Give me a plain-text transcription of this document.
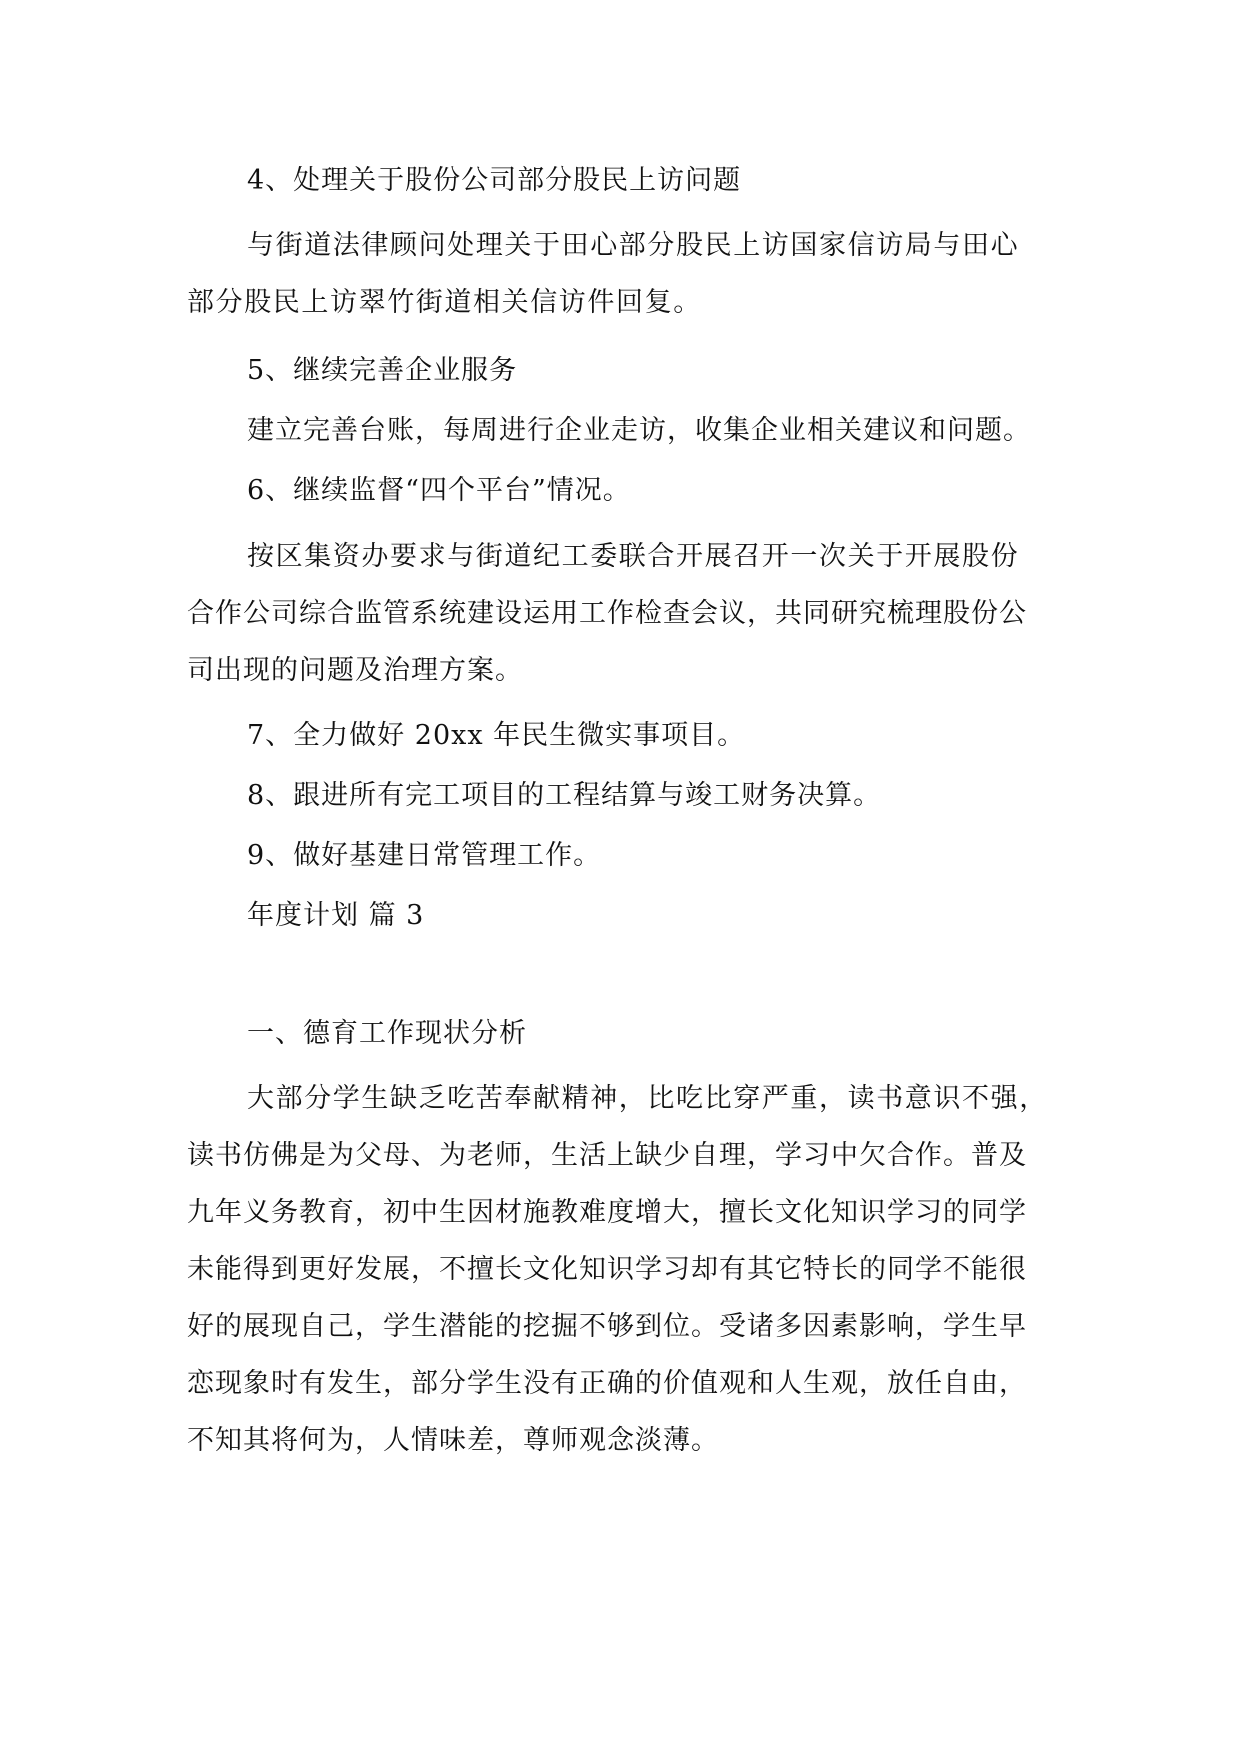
4、处理关于股份公司部分股民上访问题
与街道法律顾问处理关于田心部分股民上访国家信访局与田心
部分股民上访翠竹街道相关信访件回复。
5、继续完善企业服务
建立完善台账，每周进行企业走访，收集企业相关建议和问题。
6、继续监督“四个平台”情况。
按区集资办要求与街道纪工委联合开展召开一次关于开展股份
合作公司综合监管系统建设运用工作检查会议，共同研究梳理股份公
司出现的问题及治理方案。
7、全力做好 20xx 年民生微实事项目。
8、跟进所有完工项目的工程结算与竣工财务决算。
9、做好基建日常管理工作。
年度计划 篇 3
一、德育工作现状分析
大部分学生缺乏吃苦奉献精神，比吃比穿严重，读书意识不强，
读书仿佛是为父母、为老师，生活上缺少自理，学习中欠合作。普及
九年义务教育，初中生因材施教难度增大，擅长文化知识学习的同学
未能得到更好发展，不擅长文化知识学习却有其它特长的同学不能很
好的展现自己，学生潜能的挖掘不够到位。受诸多因素影响，学生早
恋现象时有发生，部分学生没有正确的价值观和人生观，放任自由，
不知其将何为，人情味差，尊师观念淡薄。
